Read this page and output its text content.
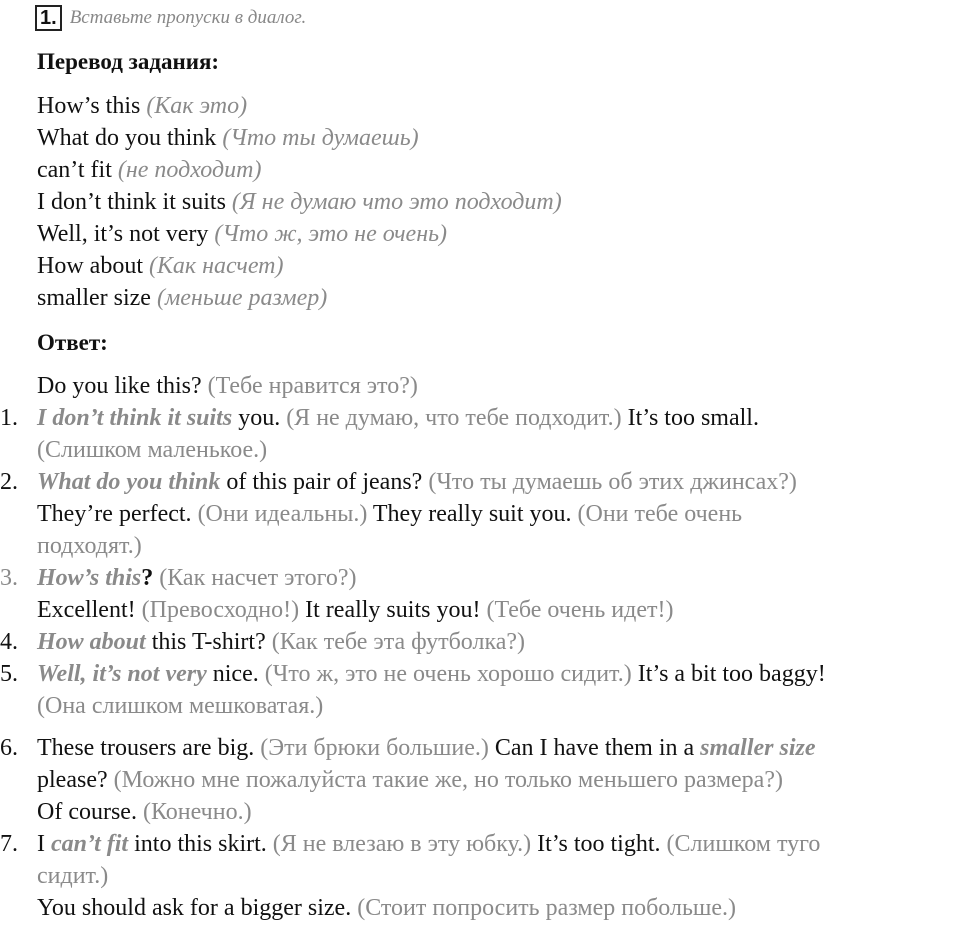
1. Вставьте пропуски в диалог.
Перевод задания:
How’s this (Как это)
What do you think (Что ты думаешь)
can’t fit (не подходит)
I don’t think it suits (Я не думаю что это подходит)
Well, it’s not very (Что ж, это не очень)
How about (Как насчет)
smaller size (меньше размер)
Ответ:
Do you like this? (Тебе нравится это?)
1. I don’t think it suits you. (Я не думаю, что тебе подходит.) It’s too small.
(Слишком маленькое.)
2. What do you think of this pair of jeans? (Что ты думаешь об этих джинсах?)
They’re perfect. (Они идеальны.) They really suit you. (Они тебе очень
подходят.)
3. How’s this? (Как насчет этого?)
Excellent! (Превосходно!) It really suits you! (Тебе очень идет!)
4. How about this T-shirt? (Как тебе эта футболка?)
5. Well, it’s not very nice. (Что ж, это не очень хорошо сидит.) It’s a bit too baggy!
(Она слишком мешковатая.)
6. These trousers are big. (Эти брюки большие.) Can I have them in a smaller size
please? (Можно мне пожалуйста такие же, но только меньшего размера?)
Of course. (Конечно.)
7. I can’t fit into this skirt. (Я не влезаю в эту юбку.) It’s too tight. (Слишком туго
сидит.)
You should ask for a bigger size. (Стоит попросить размер побольше.)
